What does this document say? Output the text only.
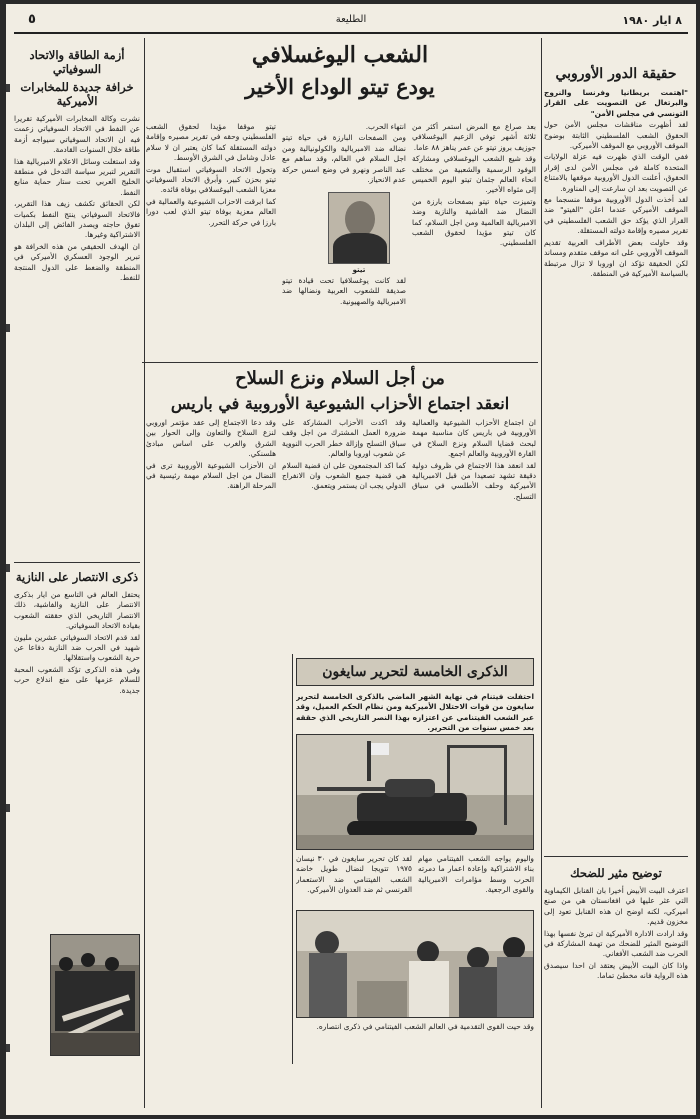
٨ ايار ١٩٨٠
الطليعة
٥
حقيقة الدور الأوروبي

"اهتمت بريطانيا وفرنسا والنروج والبرتغال عن التصويت على القرار التونسي في مجلس الأمن"

لقد أظهرت مناقشات مجلس الأمن حول الحقوق الشعب الفلسطيني الثابتة بوضوح الموقف الأوروبي مع الموقف الأميركي.

ففي الوقت الذي ظهرت فيه عزلة الولايات المتحدة كاملة في مجلس الأمن لدى إقرار الحقوق، أعلنت الدول الأوروبية موقفها بالامتناع عن التصويت بعد ان سارعت إلى المناورة.

لقد أخذت الدول الأوروبية موقفا منسجما مع الموقف الأميركي عندما اعلن "الفيتو" ضد القرار الذي يؤكد حق الشعب الفلسطيني في تقرير مصيره وإقامة دولته المستقلة.

وقد حاولت بعض الأطراف العربية تقديم الموقف الأوروبي على انه موقف متقدم ومساند لكن الحقيقة تؤكد ان اوروبا لا تزال مرتبطة بالسياسة الأميركية في المنطقة.

توضيح مثير للضحك

اعترف البيت الأبيض أخيرا بان القنابل الكيماوية التي عثر عليها في افغانستان هي من صنع اميركي، لكنه اوضح ان هذه القنابل تعود إلى مخزون قديم.

وقد ارادت الادارة الأميركية ان تبرئ نفسها بهذا التوضيح المثير للضحك من تهمة المشاركة في الحرب ضد الشعب الأفغاني.

واذا كان البيت الأبيض يعتقد ان احدا سيصدق هذه الرواية فانه مخطئ تماما.

الشعب اليوغسلافي
يودع تيتو الوداع الأخير

بعد صراع مع المرض استمر أكثر من ثلاثة أشهر توفي الزعيم اليوغسلافي جوزيف بروز تيتو عن عمر يناهز ٨٨ عاما.

وقد شيع الشعب اليوغسلافي ومشاركة الوفود الرسمية والشعبية من مختلف انحاء العالم جثمان تيتو اليوم الخميس إلى مثواه الأخير.

وتميزت حياة تيتو بصفحات بارزة من النضال ضد الفاشية والنازية وضد الامبريالية العالمية ومن اجل السلام، كما كان تيتو مؤيدا لحقوق الشعب الفلسطيني.

انتهاء الحرب.

ومن الصفحات البارزة في حياة تيتو نضاله ضد الامبريالية والكولونيالية ومن اجل السلام في العالم، وقد ساهم مع عبد الناصر ونهرو في وضع اسس حركة عدم الانحياز.

لقد كانت يوغسلافيا تحت قيادة تيتو صديقة للشعوب العربية ونضالها ضد الامبريالية والصهيونية.

تيتو

تيتو موقفا مؤيدا لحقوق الشعب الفلسطيني وحقه في تقرير مصيره وإقامة دولته المستقلة كما كان يعتبر ان لا سلام عادل وشامل في الشرق الأوسط.

وتحول الاتحاد السوفياتي استقبال موت تيتو بحزن كبير، وأبرق الاتحاد السوفياتي معزيا الشعب اليوغسلافي بوفاة قائده.

كما ابرقت الاحزاب الشيوعية والعمالية في العالم معزية بوفاة تيتو الذي لعب دورا بارزا في حركة التحرر.

من أجل السلام ونزع السلاح
انعقد اجتماع الأحزاب الشيوعية الأوروبية في باريس

ان اجتماع الأحزاب الشيوعية والعمالية الأوروبية في باريس كان مناسبة مهمة لبحث قضايا السلام ونزع السلاح في القارة الأوروبية والعالم اجمع.

لقد انعقد هذا الاجتماع في ظروف دولية دقيقة تشهد تصعيدا من قبل الامبريالية الأميركية وحلف الأطلسي في سباق التسلح.

وقد اكدت الأحزاب المشاركة على ضرورة العمل المشترك من اجل وقف سباق التسلح وإزالة خطر الحرب النووية عن شعوب اوروبا والعالم.

كما اكد المجتمعون على ان قضية السلام هي قضية جميع الشعوب وان الانفراج الدولي يجب ان يستمر ويتعمق.

وقد دعا الاجتماع إلى عقد مؤتمر اوروبي لنزع السلاح والتعاون وإلى الحوار بين الشرق والغرب على اساس مبادئ هلسنكي.

ان الأحزاب الشيوعية الأوروبية ترى في النضال من اجل السلام مهمة رئيسية في المرحلة الراهنة.

الذكرى الخامسة لتحرير سايغون

احتفلت فيتنام في نهاية الشهر الماضي بالذكرى الخامسة لتحرير سايغون من قوات الاحتلال الأميركية ومن نظام الحكم العميل، وقد عبر الشعب الفيتنامي عن اعتزازه بهذا النصر التاريخي الذي حققه بعد خمس سنوات من التحرير.

لقد كان تحرير سايغون في ٣٠ نيسان ١٩٧٥ تتويجا لنضال طويل خاضه الشعب الفيتنامي ضد الاستعمار الفرنسي ثم ضد العدوان الأميركي.

واليوم يواجه الشعب الفيتنامي مهام بناء الاشتراكية وإعادة اعمار ما دمرته الحرب وسط مؤامرات الامبريالية والقوى الرجعية.

وقد حيت القوى التقدمية في العالم الشعب الفيتنامي في ذكرى انتصاره.

أزمة الطاقة والاتحاد السوفياتي
خرافة جديدة للمخابرات الأميركية

نشرت وكالة المخابرات الأميركية تقريرا عن النفط في الاتحاد السوفياتي زعمت فيه ان الاتحاد السوفياتي سيواجه أزمة طاقة خلال السنوات القادمة.

وقد استغلت وسائل الاعلام الامبريالية هذا التقرير لتبرير سياسة التدخل في منطقة الخليج العربي تحت ستار حماية منابع النفط.

لكن الحقائق تكشف زيف هذا التقرير، فالاتحاد السوفياتي ينتج النفط بكميات تفوق حاجته ويصدر الفائض إلى البلدان الاشتراكية وغيرها.

ان الهدف الحقيقي من هذه الخرافة هو تبرير الوجود العسكري الأميركي في المنطقة والضغط على الدول المنتجة للنفط.

ذكرى الانتصار على النازية

يحتفل العالم في التاسع من ايار بذكرى الانتصار على النازية والفاشية، ذلك الانتصار التاريخي الذي حققته الشعوب بقيادة الاتحاد السوفياتي.

لقد قدم الاتحاد السوفياتي عشرين مليون شهيد في الحرب ضد النازية دفاعا عن حرية الشعوب واستقلالها.

وفي هذه الذكرى تؤكد الشعوب المحبة للسلام عزمها على منع اندلاع حرب جديدة.
